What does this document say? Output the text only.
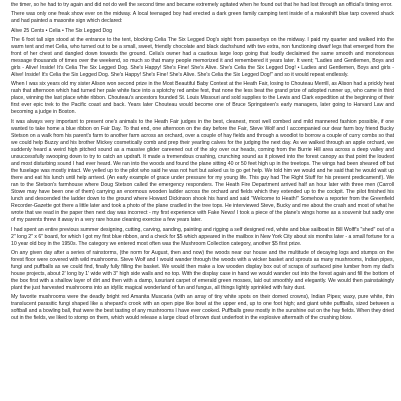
the timer, so he had to try again and did not do well the second time and became extremely agitated when he found out that he had lost through an official's timing error.

There was only one freak show ever on the midway. A local teenaged boy had erected a dark green family camping tent inside of a makeshift blue tarp covered shack and had painted a masonite sign which declared:

Alive 25 Cents • Celia • The Six Legged Dog

The 6 foot tall sign stood at the entrance to the tent, blocking Celia The Six Legged Dog's sight from passerbys on the midway. I paid my quarter and walked into the warm tent and met Celia, who turned out to be a small, sweet, friendly chocolate and black dachshund with two extra, non functioning dwarf legs that emerged from the front of her chest and dangled down towards the ground. Celia's owner had a cautious large loop going that loudly declaimed the same smooth and monotonous message thousands of times over the weekend, so much so that many people memorized it and remembered it years later. It went; "Ladies and Gentlemen, Boys and girls - Alive! Inside! It's Celia The Six Legged Dog. She's Happy! She's Fine! She's Alive. She's Celia the Six Legged Dog! • Ladies and Gentlemen, Boys and girls - Alive! Inside! It's Celia the Six Legged Dog. She's Happy! She's Fine! She's Alive. She's Celia the Six Legged Dog!" and so it would repeat endlessly.

When I was six years old my sister Alison won second prize in the Most Beautiful Baby Contest at the Heath Fair, losing to Chouteau Merrill, as Alison had a prickly heat rash that afternoon which had turned her pale white face into a splotchy red ambe fest, that none the less beat the grand prize of adopted runner up, who came in third place, winning the last place white ribbon. Chouteau's ancestors founded St. Louis Missouri and sold supplies to the Lewis and Clark expedition at the beginning of their first ever epic trek to the Pacific coast and back. Years later Chouteau would become one of Bruce Springsteen's early managers, later going to Harvard Law and becoming a judge in Boston.

It was always very important to present one's animals to the Heath Fair judges in the best, cleanest, most well combed and mild mannered fashion possible, if one wanted to take home a blue ribbon on Fair Day. To that end, one afternoon on the day before the Fair, Steve Wolf and I accompanied our dear farm boy friend Bucky Stetson on a walk from his parent's farm to another farm across an orchard, over a couple of hay fields and through a woodlot to borrow a couple of curry combs so that we could help Buzzy and his brother Mickey cosmetically comb and prep their yearling calves for the judging the next day. As we walked through an apple orchard, we suddenly heard a weird high pitched sound as a massive glider careened out of the sky over our heads, coming from the Burrie Hill area across a deep valley and unsuccessfully swooping down to try to catch an updraft. It made a tremendous crashing, crunching sound as it plowed into the forest canopy as that point the loudest and most disturbing sound I had ever heard. We ran into the woods and found the plane sitting 40 or 50 feet high up in the treetops. The wings had been sheared off but the fuselage was mostly intact. We yelled up to the pilot who said he was not hurt but asked us to go get help. We told him we would and he said that he would wait up there and eat his lunch until help arrived. (An early example of grace under pressure for my young life. This guy had The Right Stuff for his present predicament!). We ran to the Stetson's farmhouse where Doug Stetson called the emergency responders. The Heath Fire Department arrived half an hour later with three men (Carroll Stowe may have been one of them) carrying an enormous wooden ladder across the orchard and fields which they extended up to the cockpit. The pilot finished his lunch and descended the ladder down to the ground where Howard Dickinson shook his hand and said "Welcome to Heath!" Somehow a reporter from the Greenfield Recorder-Gazette got there a little later and took a photo of the plane cradled in the tree tops. He interviewed Steve, Bucky and me about the crash and most of what he wrote that we read in the paper then next day was incorrect - my first experience with Fake News! I took a piece of the plane's wings home as a souvenir but sadly one of my parents threw it away in a very rare house cleaning exercise a few years later.

I had spent an entire previous summer designing, cutting, carving, sanding, painting and rigging a self designed red, white and blue sailboat in Bill Wolff's "shed" out of a 2" long 2" x 6" board, for which I got my first blue ribbon, and a check for $5 which appeared in the mailbox in New York City about six months later - a small fortune for a 10 year old boy in the 1950s. The category we entered most often was the Mushroom Collection category, another $5 first prize.

On any given day after a series of rainstorms, (the norm for August, then and now) the woods near our house and the multitude of decaying logs and stumps on the forest floor were covered with wild mushrooms. Steve Wolf and I would wander through the woods with a wicker basket and sprouts as many mushrooms, Indian pipes, fungi and puffballs as we could find, finally fully filling the basket. We would then make a low wooden display box out of scraps of surfaced pine lumber from my dad's house projects, about 2' long by 1' wide with 3" high side walls and no top. With the display case in hand we would wander out into the forest again and fill the bottom of the box first with a shallow layer of dirt and then with a damp, luxuriant carpet of emerald green mosses, laid out smoothly and elegantly. We would then painstakingly plant the just harvested mushrooms into an idyllic magical wonderland of fun and fungus, all things lightly sprinkled with fairy dust.

My favorite mushrooms were the deadly bright red Amanita Muscaria (with an array of tiny white spots on their domed crowns), Indian Pipes; waxy, pure white, thin translucent parasitic fungi shaped like a shepard's crook with an open pipe like bowl at the upper end, up to one foot high; and giant white puffballs, sized between a softball and a bowling ball, that were the best tasting of any mushrooms I have ever cooked. Puffballs grew mostly in the sunshine out on the hay fields. When they dried out in the fields, we liked to stomp on them, which would release a large cloud of brown dust underfoot in the explosive aftermath of the crushing blow.
